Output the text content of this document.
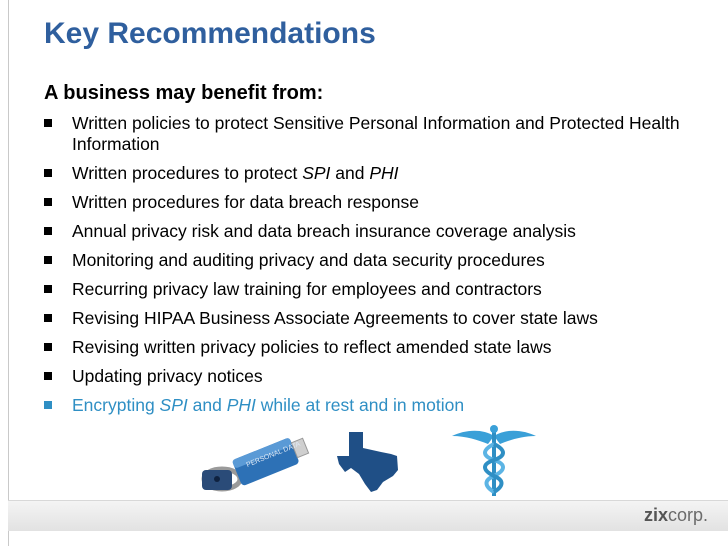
Key Recommendations
A business may benefit from:
Written policies to protect Sensitive Personal Information and Protected Health Information
Written procedures to protect SPI and PHI
Written procedures for data breach response
Annual privacy risk and data breach insurance coverage analysis
Monitoring and auditing privacy and data security procedures
Recurring privacy law training for employees and contractors
Revising HIPAA Business Associate Agreements to cover state laws
Revising written privacy policies to reflect amended state laws
Updating privacy notices
Encrypting SPI and PHI while at rest and in motion
PERSONAL DATA
zixcorp.
